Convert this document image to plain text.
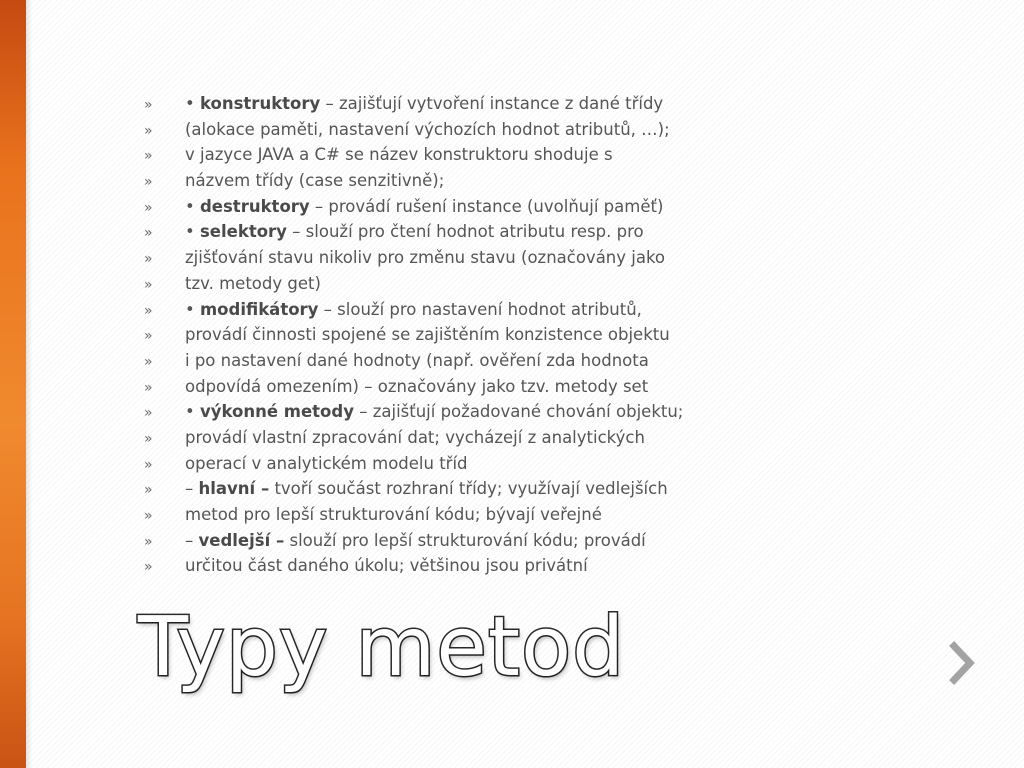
»	• konstruktory – zajišťují vytvoření instance z dané třídy
»	(alokace paměti, nastavení výchozích hodnot atributů, …);
»	v jazyce JAVA a C# se název konstruktoru shoduje s
»	názvem třídy (case senzitivně);
»	• destruktory – provádí rušení instance (uvolňují paměť)
»	• selektory – slouží pro čtení hodnot atributu resp. pro
»	zjišťování stavu nikoliv pro změnu stavu (označovány jako
»	tzv. metody get)
»	• modifikátory – slouží pro nastavení hodnot atributů,
»	provádí činnosti spojené se zajištěním konzistence objektu
»	i po nastavení dané hodnoty (např. ověření zda hodnota
»	odpovídá omezením) – označovány jako tzv. metody set
»	• výkonné metody – zajišťují požadované chování objektu;
»	provádí vlastní zpracování dat; vycházejí z analytických
»	operací v analytickém modelu tříd
»	– hlavní – tvoří součást rozhraní třídy; využívají vedlejších
»	metod pro lepší strukturování kódu; bývají veřejné
»	– vedlejší – slouží pro lepší strukturování kódu; provádí
»	určitou část daného úkolu; většinou jsou privátní
Typy metod
